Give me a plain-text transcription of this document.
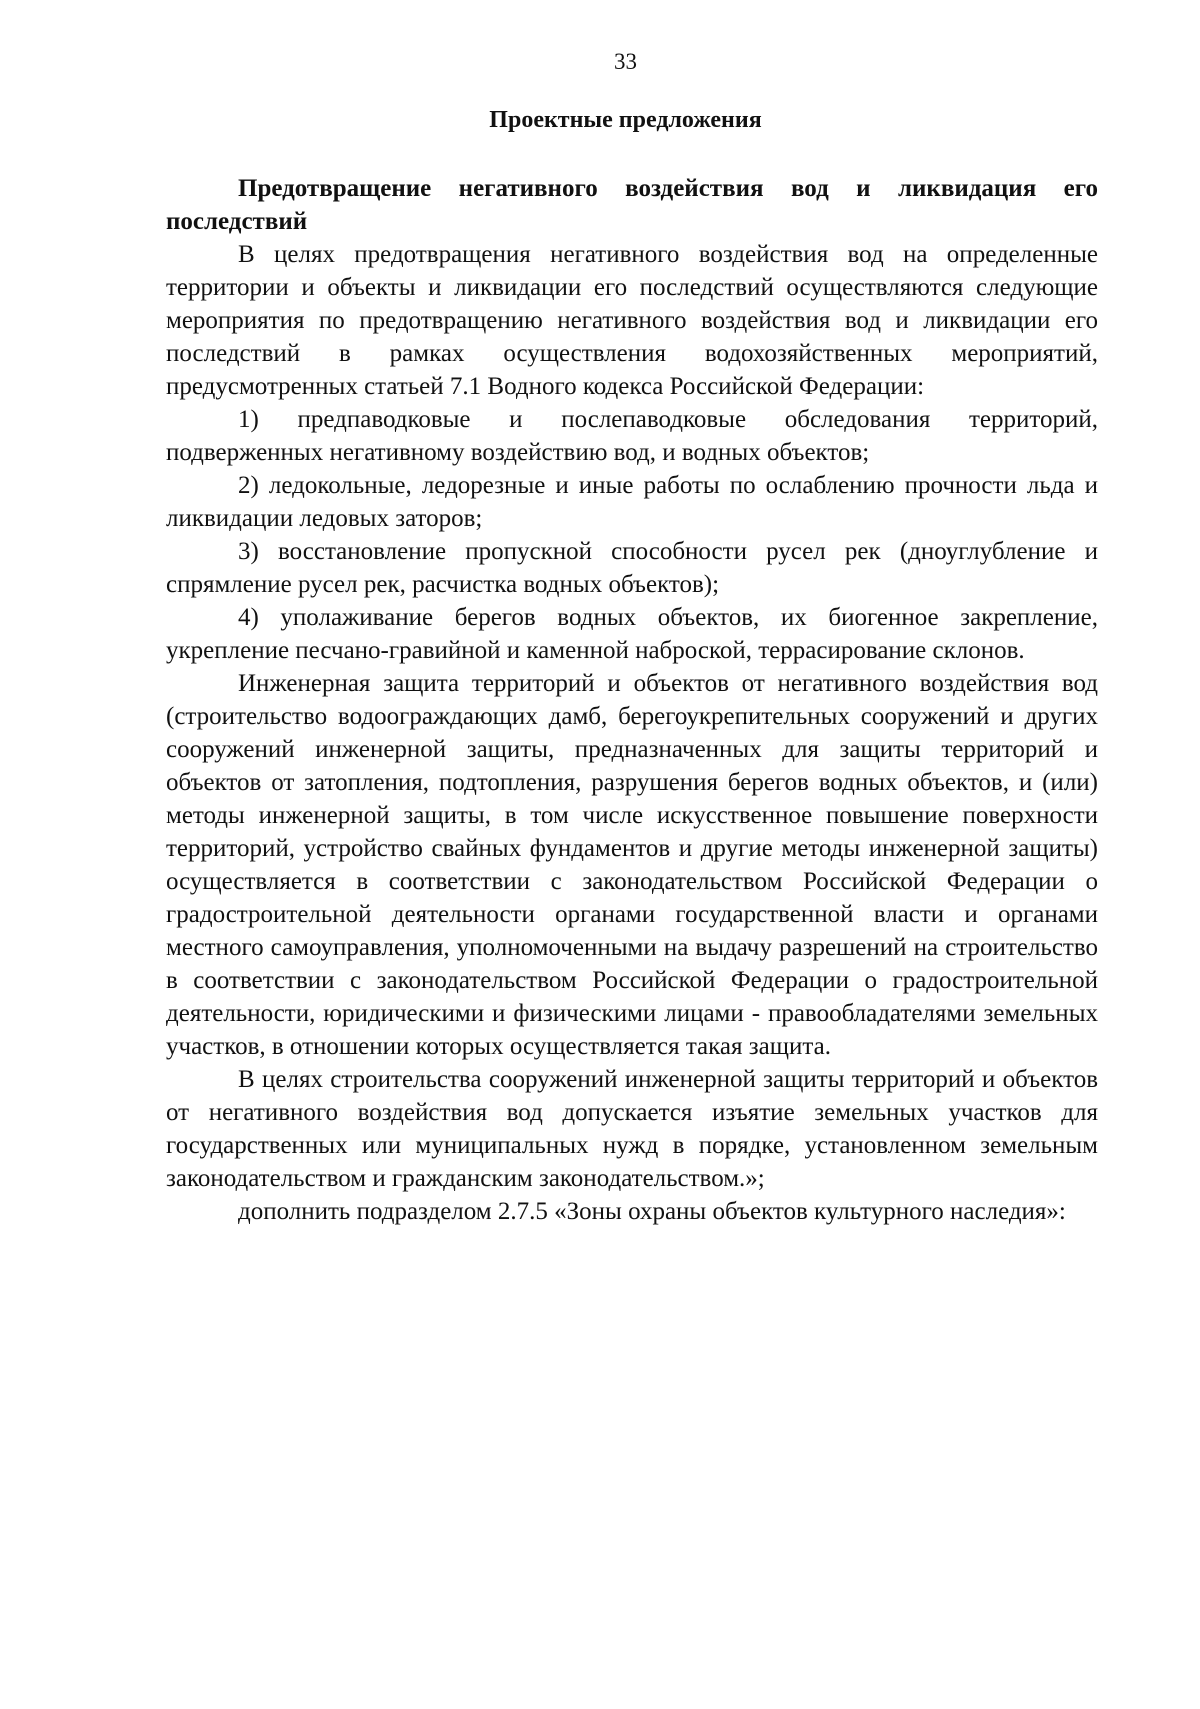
33
Проектные предложения

Предотвращение негативного воздействия вод и ликвидация его последствий

В целях предотвращения негативного воздействия вод на определенные территории и объекты и ликвидации его последствий осуществляются следующие мероприятия по предотвращению негативного воздействия вод и ликвидации его последствий в рамках осуществления водохозяйственных мероприятий, предусмотренных статьей 7.1 Водного кодекса Российской Федерации:

1) предпаводковые и послепаводковые обследования территорий, подверженных негативному воздействию вод, и водных объектов;

2) ледокольные, ледорезные и иные работы по ослаблению прочности льда и ликвидации ледовых заторов;

3) восстановление пропускной способности русел рек (дноуглубление и спрямление русел рек, расчистка водных объектов);

4) уполаживание берегов водных объектов, их биогенное закрепление, укрепление песчано-гравийной и каменной наброской, террасирование склонов.

Инженерная защита территорий и объектов от негативного воздействия вод (строительство водоограждающих дамб, берегоукрепительных сооружений и других сооружений инженерной защиты, предназначенных для защиты территорий и объектов от затопления, подтопления, разрушения берегов водных объектов, и (или) методы инженерной защиты, в том числе искусственное повышение поверхности территорий, устройство свайных фундаментов и другие методы инженерной защиты) осуществляется в соответствии с законодательством Российской Федерации о градостроительной деятельности органами государственной власти и органами местного самоуправления, уполномоченными на выдачу разрешений на строительство в соответствии с законодательством Российской Федерации о градостроительной деятельности, юридическими и физическими лицами - правообладателями земельных участков, в отношении которых осуществляется такая защита.

В целях строительства сооружений инженерной защиты территорий и объектов от негативного воздействия вод допускается изъятие земельных участков для государственных или муниципальных нужд в порядке, установленном земельным законодательством и гражданским законодательством.»;

дополнить подразделом 2.7.5 «Зоны охраны объектов культурного наследия»:
